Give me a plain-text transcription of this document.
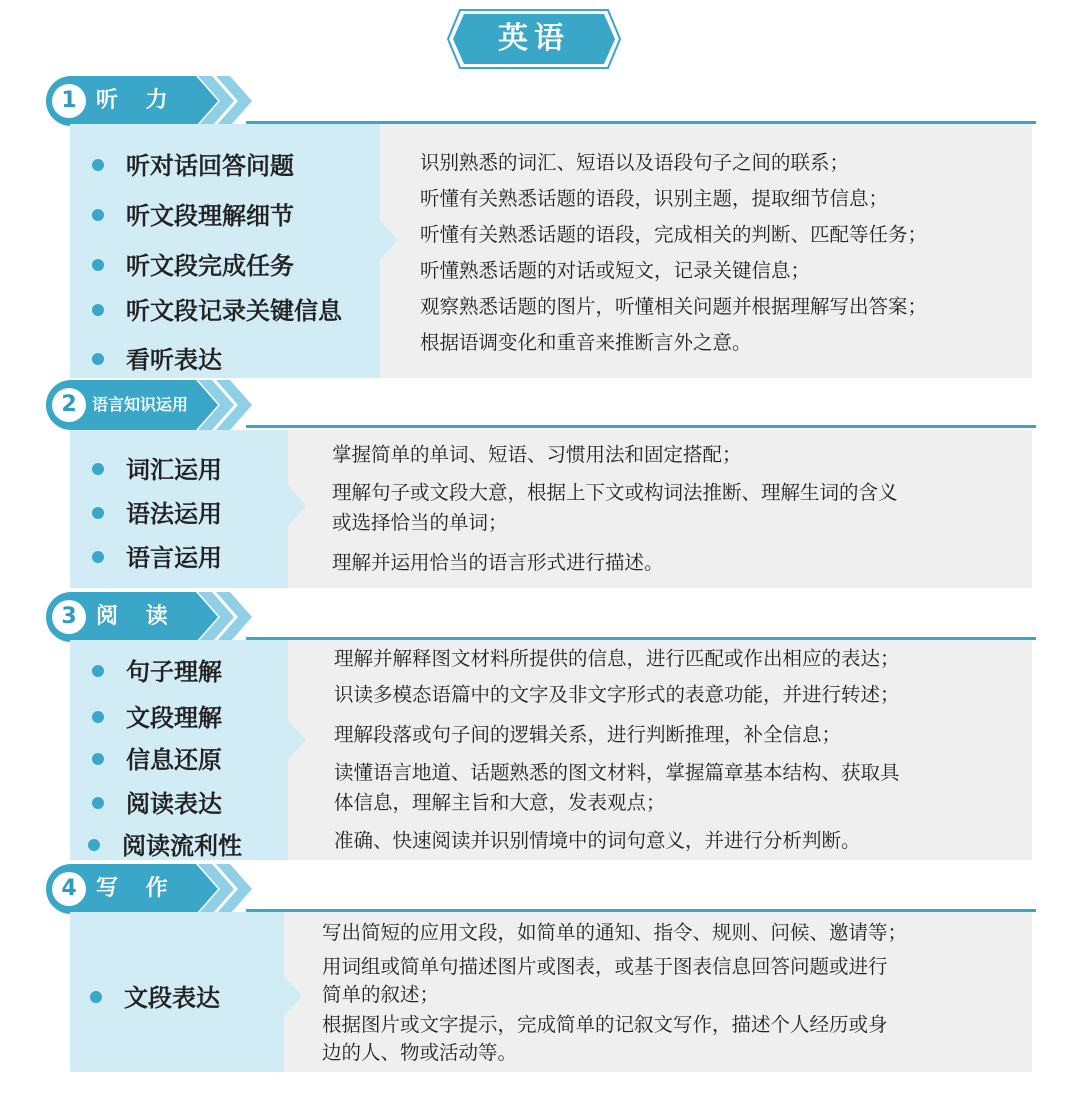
英语
1 听 力
听对话回答问题
听文段理解细节
听文段完成任务
听文段记录关键信息
看听表达
识别熟悉的词汇、短语以及语段句子之间的联系；
听懂有关熟悉话题的语段，识别主题，提取细节信息；
听懂有关熟悉话题的语段，完成相关的判断、匹配等任务；
听懂熟悉话题的对话或短文，记录关键信息；
观察熟悉话题的图片，听懂相关问题并根据理解写出答案；
根据语调变化和重音来推断言外之意。
2 语言知识运用
词汇运用
语法运用
语言运用
掌握简单的单词、短语、习惯用法和固定搭配；
理解句子或文段大意，根据上下文或构词法推断、理解生词的含义
或选择恰当的单词；
理解并运用恰当的语言形式进行描述。
3 阅 读
句子理解
文段理解
信息还原
阅读表达
阅读流利性
理解并解释图文材料所提供的信息，进行匹配或作出相应的表达；
识读多模态语篇中的文字及非文字形式的表意功能，并进行转述；
理解段落或句子间的逻辑关系，进行判断推理，补全信息；
读懂语言地道、话题熟悉的图文材料，掌握篇章基本结构、获取具
体信息，理解主旨和大意，发表观点；
准确、快速阅读并识别情境中的词句意义，并进行分析判断。
4 写 作
文段表达
写出简短的应用文段，如简单的通知、指令、规则、问候、邀请等；
用词组或简单句描述图片或图表，或基于图表信息回答问题或进行
简单的叙述；
根据图片或文字提示，完成简单的记叙文写作，描述个人经历或身
边的人、物或活动等。
